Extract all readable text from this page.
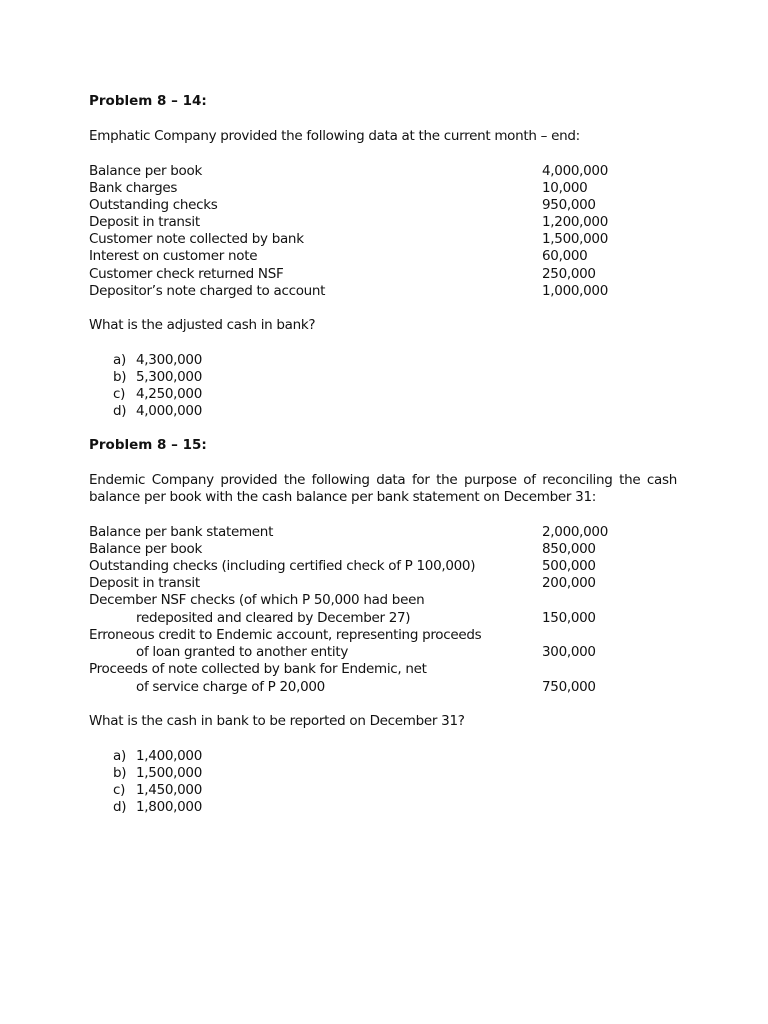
Problem 8 – 14:
Emphatic Company provided the following data at the current month – end:
Balance per book	4,000,000
Bank charges	10,000
Outstanding checks	950,000
Deposit in transit	1,200,000
Customer note collected by bank	1,500,000
Interest on customer note	60,000
Customer check returned NSF	250,000
Depositor’s note charged to account	1,000,000
What is the adjusted cash in bank?
a) 4,300,000
b) 5,300,000
c) 4,250,000
d) 4,000,000
Problem 8 – 15:
Endemic Company provided the following data for the purpose of reconciling the cash balance per book with the cash balance per bank statement on December 31:
Balance per bank statement	2,000,000
Balance per book	850,000
Outstanding checks (including certified check of P 100,000)	500,000
Deposit in transit	200,000
December NSF checks (of which P 50,000 had been
redeposited and cleared by December 27)	150,000
Erroneous credit to Endemic account, representing proceeds
of loan granted to another entity	300,000
Proceeds of note collected by bank for Endemic, net
of service charge of P 20,000	750,000
What is the cash in bank to be reported on December 31?
a) 1,400,000
b) 1,500,000
c) 1,450,000
d) 1,800,000
